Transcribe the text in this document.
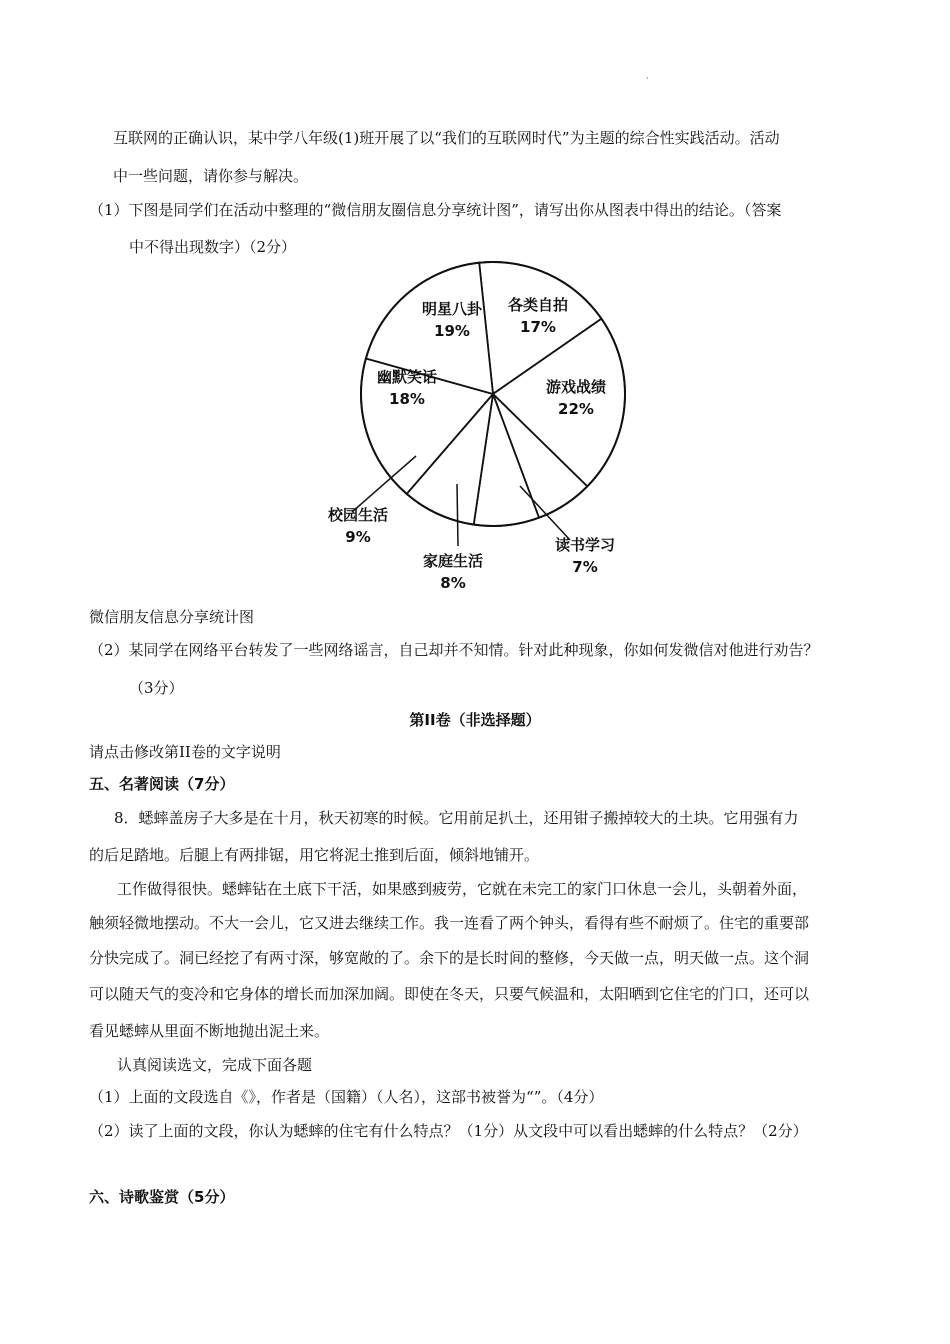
·
互联网的正确认识，某中学八年级(1)班开展了以“我们的互联网时代”为主题的综合性实践活动。活动
中一些问题，请你参与解决。
（1）下图是同学们在活动中整理的“微信朋友圈信息分享统计图”，请写出你从图表中得出的结论。（答案
中不得出现数字）（2分）
各类自拍
17%
游戏战绩
22%
读书学习
7%
家庭生活
8%
校园生活
9%
幽默笑话
18%
明星八卦
19%
微信朋友信息分享统计图
（2）某同学在网络平台转发了一些网络谣言，自己却并不知情。针对此种现象，你如何发微信对他进行劝告？
（3分）
第II卷（非选择题）
请点击修改第II卷的文字说明
五、名著阅读（7分）
8．蟋蟀盖房子大多是在十月，秋天初寒的时候。它用前足扒土，还用钳子搬掉较大的土块。它用强有力
的后足踏地。后腿上有两排锯，用它将泥土推到后面，倾斜地铺开。
工作做得很快。蟋蟀钻在土底下干活，如果感到疲劳，它就在未完工的家门口休息一会儿，头朝着外面，
触须轻微地摆动。不大一会儿，它又进去继续工作。我一连看了两个钟头，看得有些不耐烦了。住宅的重要部
分快完成了。洞已经挖了有两寸深，够宽敞的了。余下的是长时间的整修，今天做一点，明天做一点。这个洞
可以随天气的变冷和它身体的增长而加深加阔。即使在冬天，只要气候温和，太阳晒到它住宅的门口，还可以
看见蟋蟀从里面不断地抛出泥土来。
认真阅读选文，完成下面各题
（1）上面的文段选自《》，作者是（国籍）（人名），这部书被誉为“”。（4分）
（2）读了上面的文段，你认为蟋蟀的住宅有什么特点？（1分）从文段中可以看出蟋蟀的什么特点？（2分）
六、诗歌鉴赏（5分）
